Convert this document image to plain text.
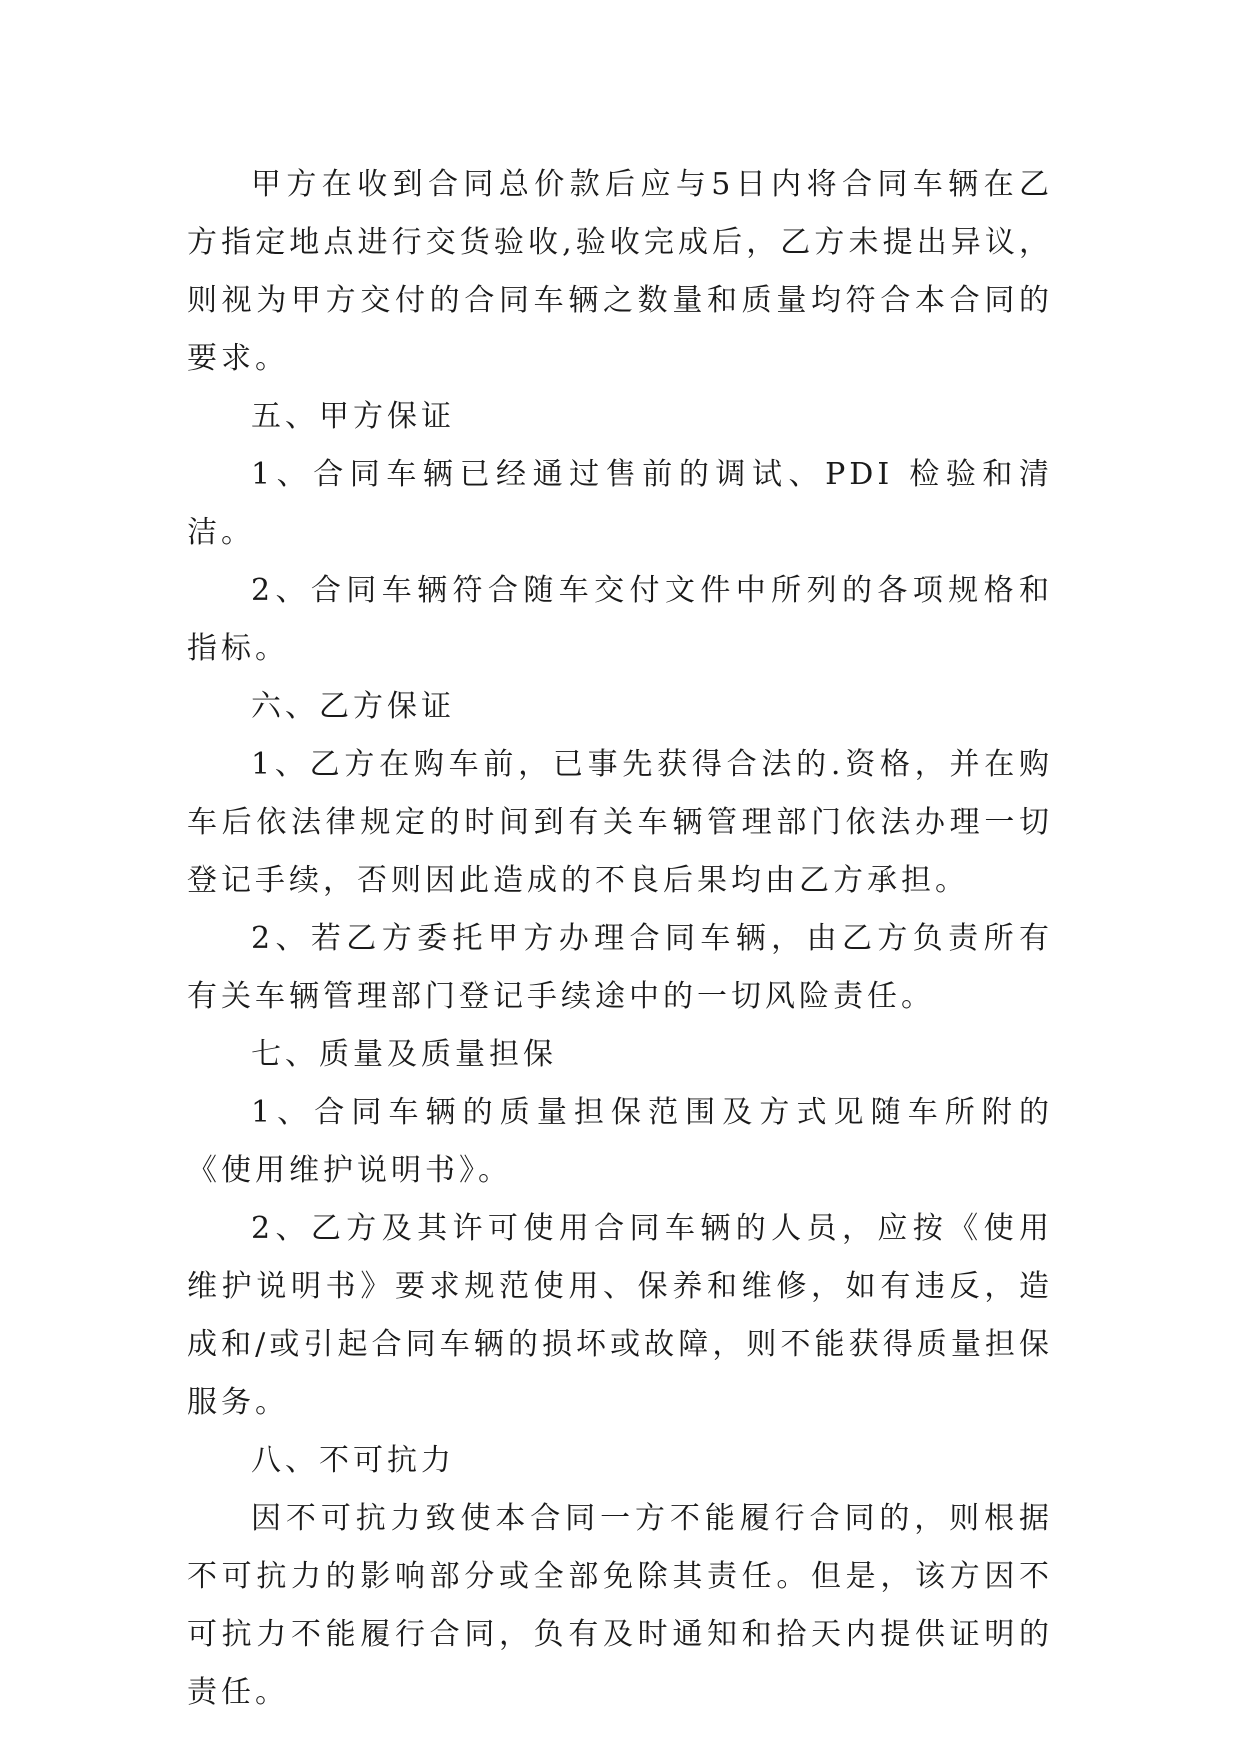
甲方在收到合同总价款后应与5日内将合同车辆在乙方指定地点进行交货验收,验收完成后，乙方未提出异议，则视为甲方交付的合同车辆之数量和质量均符合本合同的要求。

五、甲方保证

1、合同车辆已经通过售前的调试、PDI 检验和清洁。

2、合同车辆符合随车交付文件中所列的各项规格和指标。

六、乙方保证

1、乙方在购车前，已事先获得合法的.资格，并在购车后依法律规定的时间到有关车辆管理部门依法办理一切登记手续，否则因此造成的不良后果均由乙方承担。

2、若乙方委托甲方办理合同车辆，由乙方负责所有有关车辆管理部门登记手续途中的一切风险责任。

七、质量及质量担保

1、合同车辆的质量担保范围及方式见随车所附的《使用维护说明书》。

2、乙方及其许可使用合同车辆的人员，应按《使用维护说明书》要求规范使用、保养和维修，如有违反，造成和/或引起合同车辆的损坏或故障，则不能获得质量担保服务。

八、不可抗力

因不可抗力致使本合同一方不能履行合同的，则根据不可抗力的影响部分或全部免除其责任。但是，该方因不可抗力不能履行合同，负有及时通知和拾天内提供证明的责任。
